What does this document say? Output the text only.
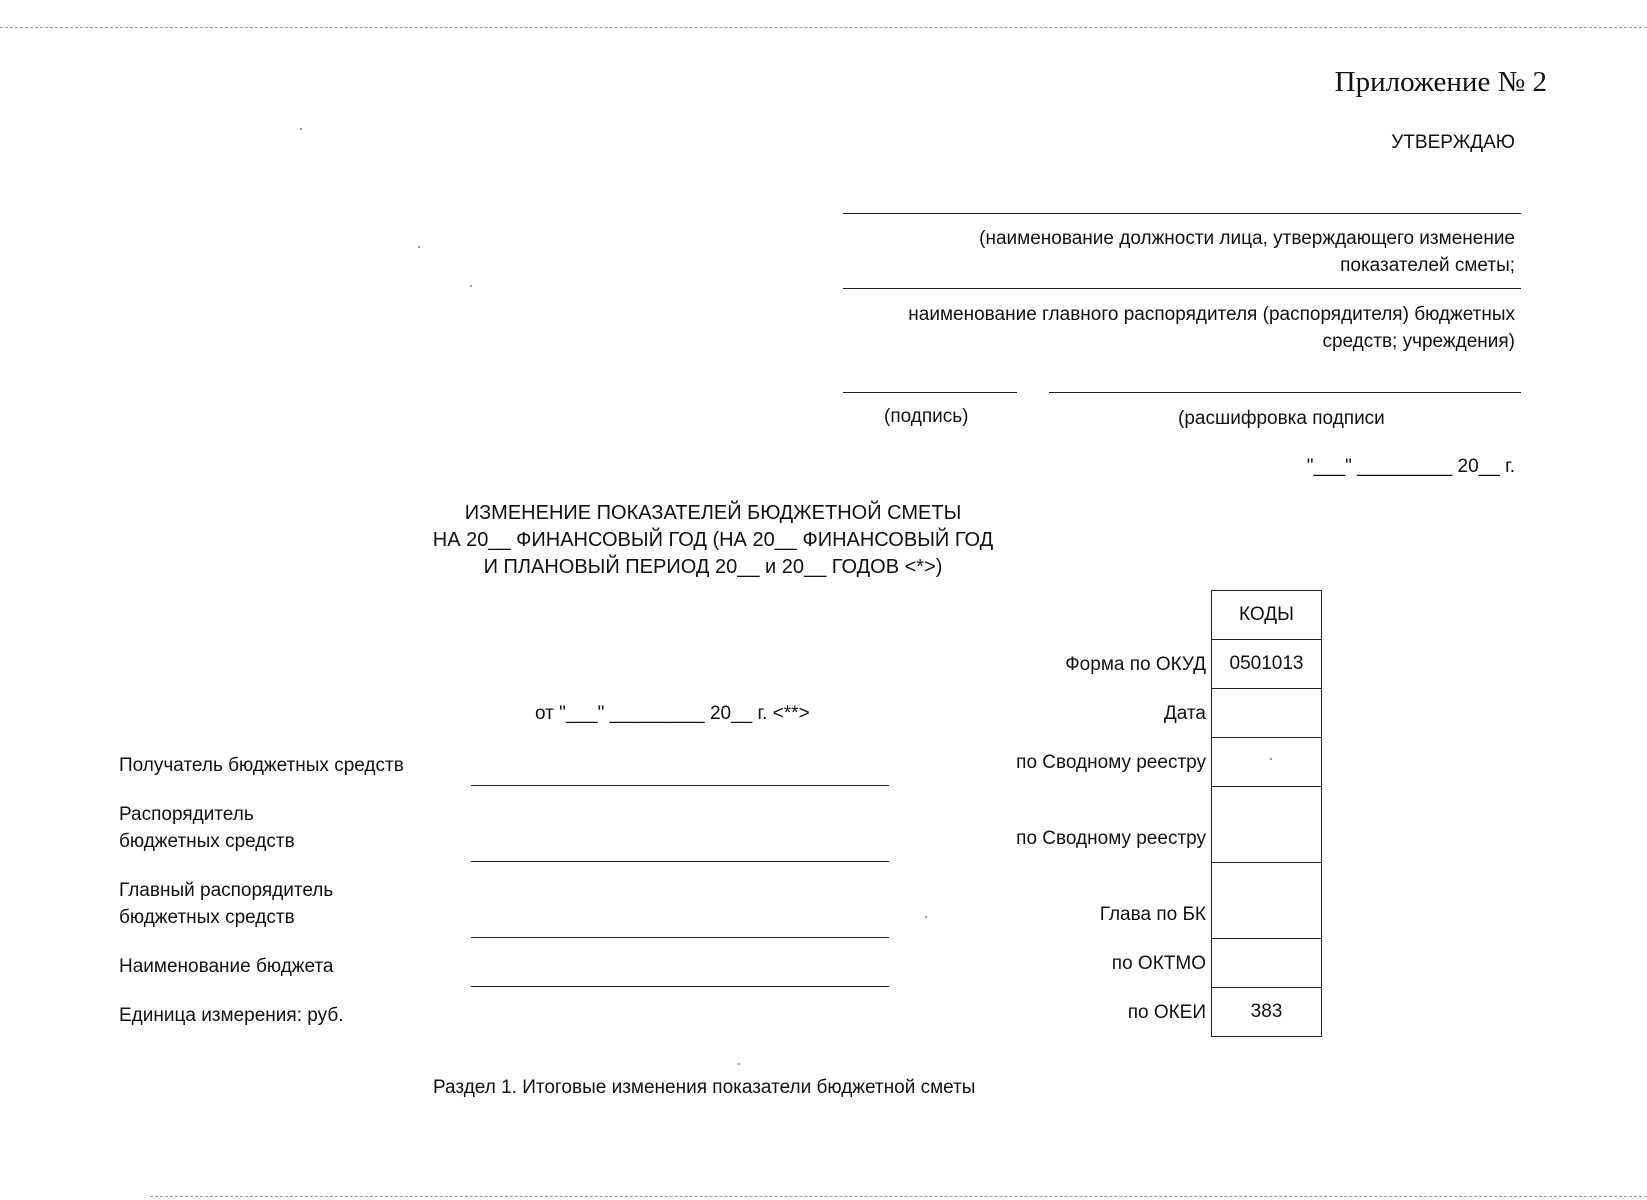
Приложение № 2
УТВЕРЖДАЮ
(наименование должности лица, утверждающего изменение
показателей сметы;
наименование главного распорядителя (распорядителя) бюджетных
средств; учреждения)
(подпись)	(расшифровка подписи
"___" _________ 20__ г.
ИЗМЕНЕНИЕ ПОКАЗАТЕЛЕЙ БЮДЖЕТНОЙ СМЕТЫ
НА 20__ ФИНАНСОВЫЙ ГОД (НА 20__ ФИНАНСОВЫЙ ГОД
И ПЛАНОВЫЙ ПЕРИОД 20__ и 20__ ГОДОВ <*>)
от "___" _________ 20__ г. <**>
КОДЫ
0501013
383
Форма по ОКУД
Дата
по Сводному реестру
по Сводному реестру
Глава по БК
по ОКТМО
по ОКЕИ
Получатель бюджетных средств
Распорядитель
бюджетных средств
Главный распорядитель
бюджетных средств
Наименование бюджета
Единица измерения: руб.
Раздел 1. Итоговые изменения показатели бюджетной сметы
